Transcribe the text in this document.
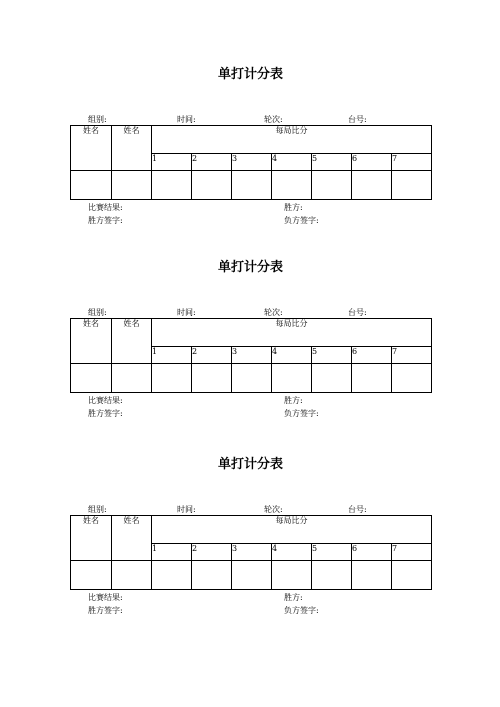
单打计分表
组别:	时间:	轮次:	台号:
姓名	姓名	每局比分						
		1	2	3	4	5	6	7

比赛结果:	胜方:
胜方签字:	负方签字:
单打计分表
组别:	时间:	轮次:	台号:
姓名	姓名	每局比分						
		1	2	3	4	5	6	7

比赛结果:	胜方:
胜方签字:	负方签字:
单打计分表
组别:	时间:	轮次:	台号:
姓名	姓名	每局比分						
		1	2	3	4	5	6	7

比赛结果:	胜方:
胜方签字:	负方签字:
